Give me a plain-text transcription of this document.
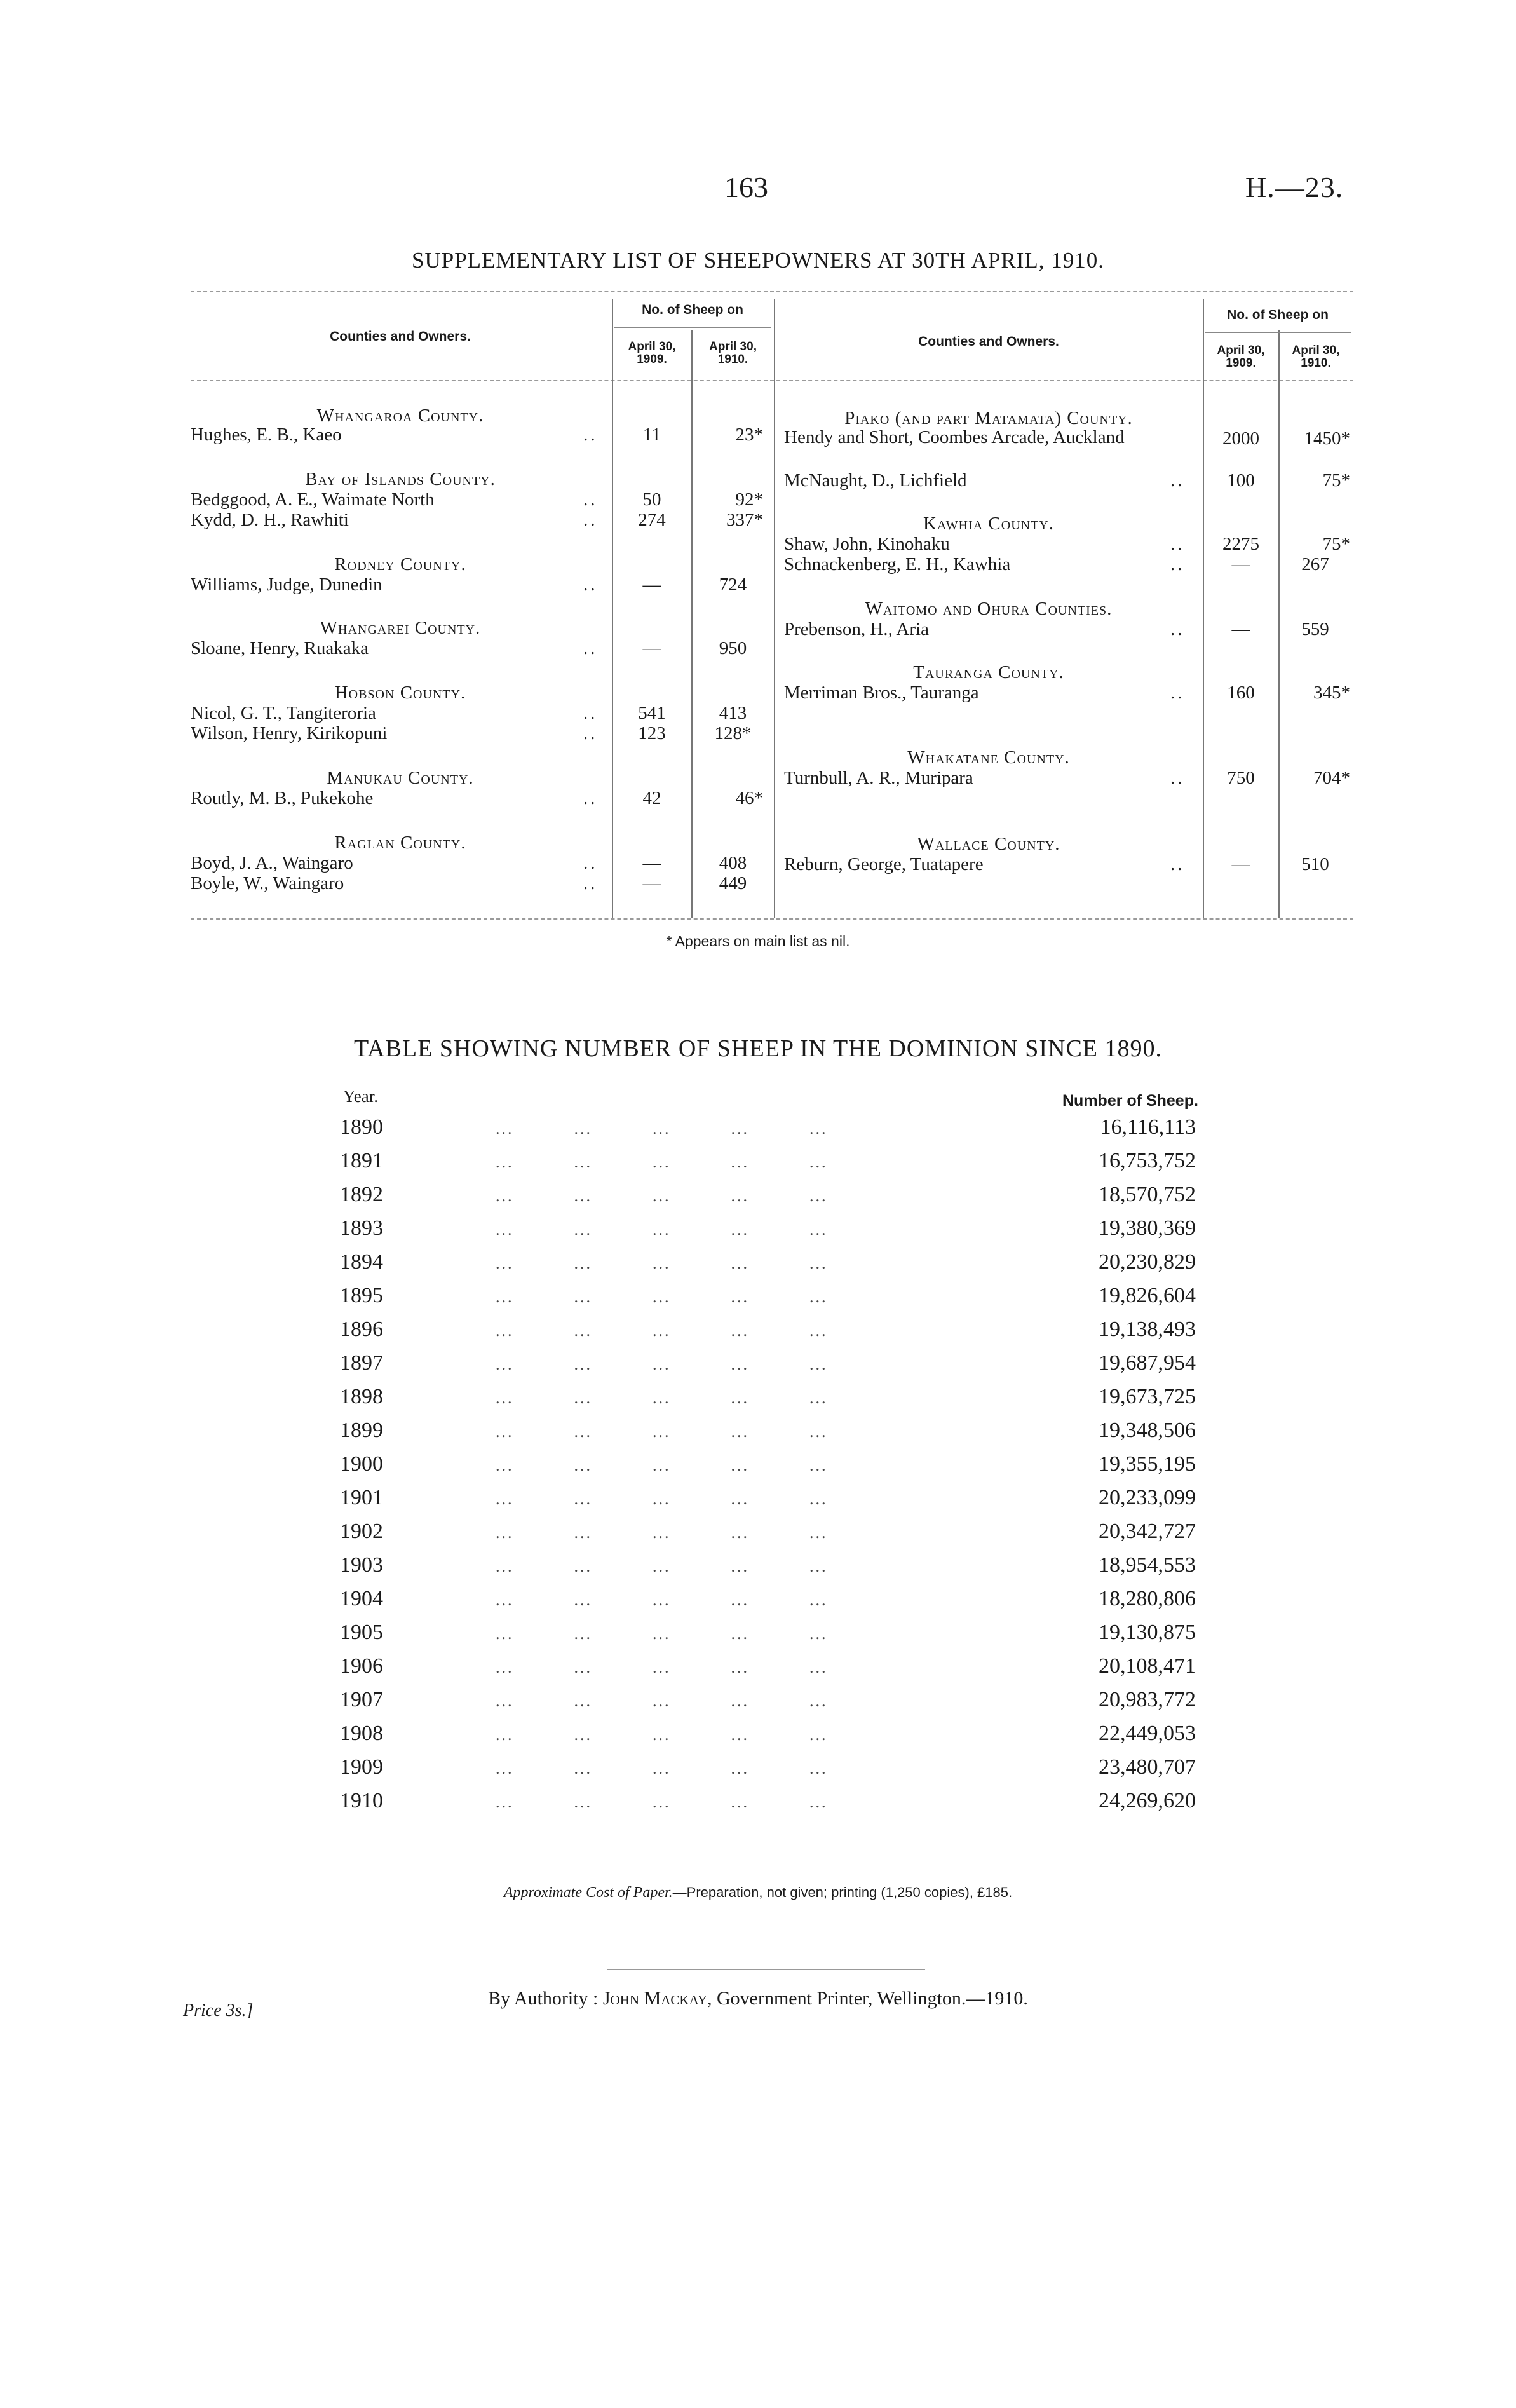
163	H.—23.
SUPPLEMENTARY LIST OF SHEEPOWNERS AT 30TH APRIL, 1910.
Counties and Owners.
No. of Sheep on
April 30, 1909.
April 30, 1910.
Counties and Owners.
No. of Sheep on
April 30, 1909.
April 30, 1910.
Whangaroa County.
Hughes, E. B., Kaeo	..	11	23*
Bay of Islands County.
Bedggood, A. E., Waimate North	..	50	92*
Kydd, D. H., Rawhiti	..	274	337*
Rodney County.
Williams, Judge, Dunedin	..	—	724
Whangarei County.
Sloane, Henry, Ruakaka	..	—	950
Hobson County.
Nicol, G. T., Tangiteroria	..	541	413
Wilson, Henry, Kirikopuni	..	123	128*
Manukau County.
Routly, M. B., Pukekohe	..	42	46*
Raglan County.
Boyd, J. A., Waingaro	..	—	408
Boyle, W., Waingaro	..	—	449
Piako (and part Matamata) County.
Hendy and Short, Coombes Arcade, Auckland	2000	1450*
McNaught, D., Lichfield	..	100	75*
Kawhia County.
Shaw, John, Kinohaku	..	2275	75*
Schnackenberg, E. H., Kawhia	..	—	267
Waitomo and Ohura Counties.
Prebenson, H., Aria	..	—	559
Tauranga County.
Merriman Bros., Tauranga	..	160	345*
Whakatane County.
Turnbull, A. R., Muripara	..	750	704*
Wallace County.
Reburn, George, Tuatapere	..	—	510
* Appears on main list as nil.
TABLE SHOWING NUMBER OF SHEEP IN THE DOMINION SINCE 1890.
Year.	Number of Sheep.
1890	...          ...          ...          ...          ...	16,116,113
1891	...          ...          ...          ...          ...	16,753,752
1892	...          ...          ...          ...          ...	18,570,752
1893	...          ...          ...          ...          ...	19,380,369
1894	...          ...          ...          ...          ...	20,230,829
1895	...          ...          ...          ...          ...	19,826,604
1896	...          ...          ...          ...          ...	19,138,493
1897	...          ...          ...          ...          ...	19,687,954
1898	...          ...          ...          ...          ...	19,673,725
1899	...          ...          ...          ...          ...	19,348,506
1900	...          ...          ...          ...          ...	19,355,195
1901	...          ...          ...          ...          ...	20,233,099
1902	...          ...          ...          ...          ...	20,342,727
1903	...          ...          ...          ...          ...	18,954,553
1904	...          ...          ...          ...          ...	18,280,806
1905	...          ...          ...          ...          ...	19,130,875
1906	...          ...          ...          ...          ...	20,108,471
1907	...          ...          ...          ...          ...	20,983,772
1908	...          ...          ...          ...          ...	22,449,053
1909	...          ...          ...          ...          ...	23,480,707
1910	...          ...          ...          ...          ...	24,269,620
Approximate Cost of Paper.—Preparation, not given; printing (1,250 copies), £185.
By Authority : John Mackay, Government Printer, Wellington.—1910.
Price 3s.]
